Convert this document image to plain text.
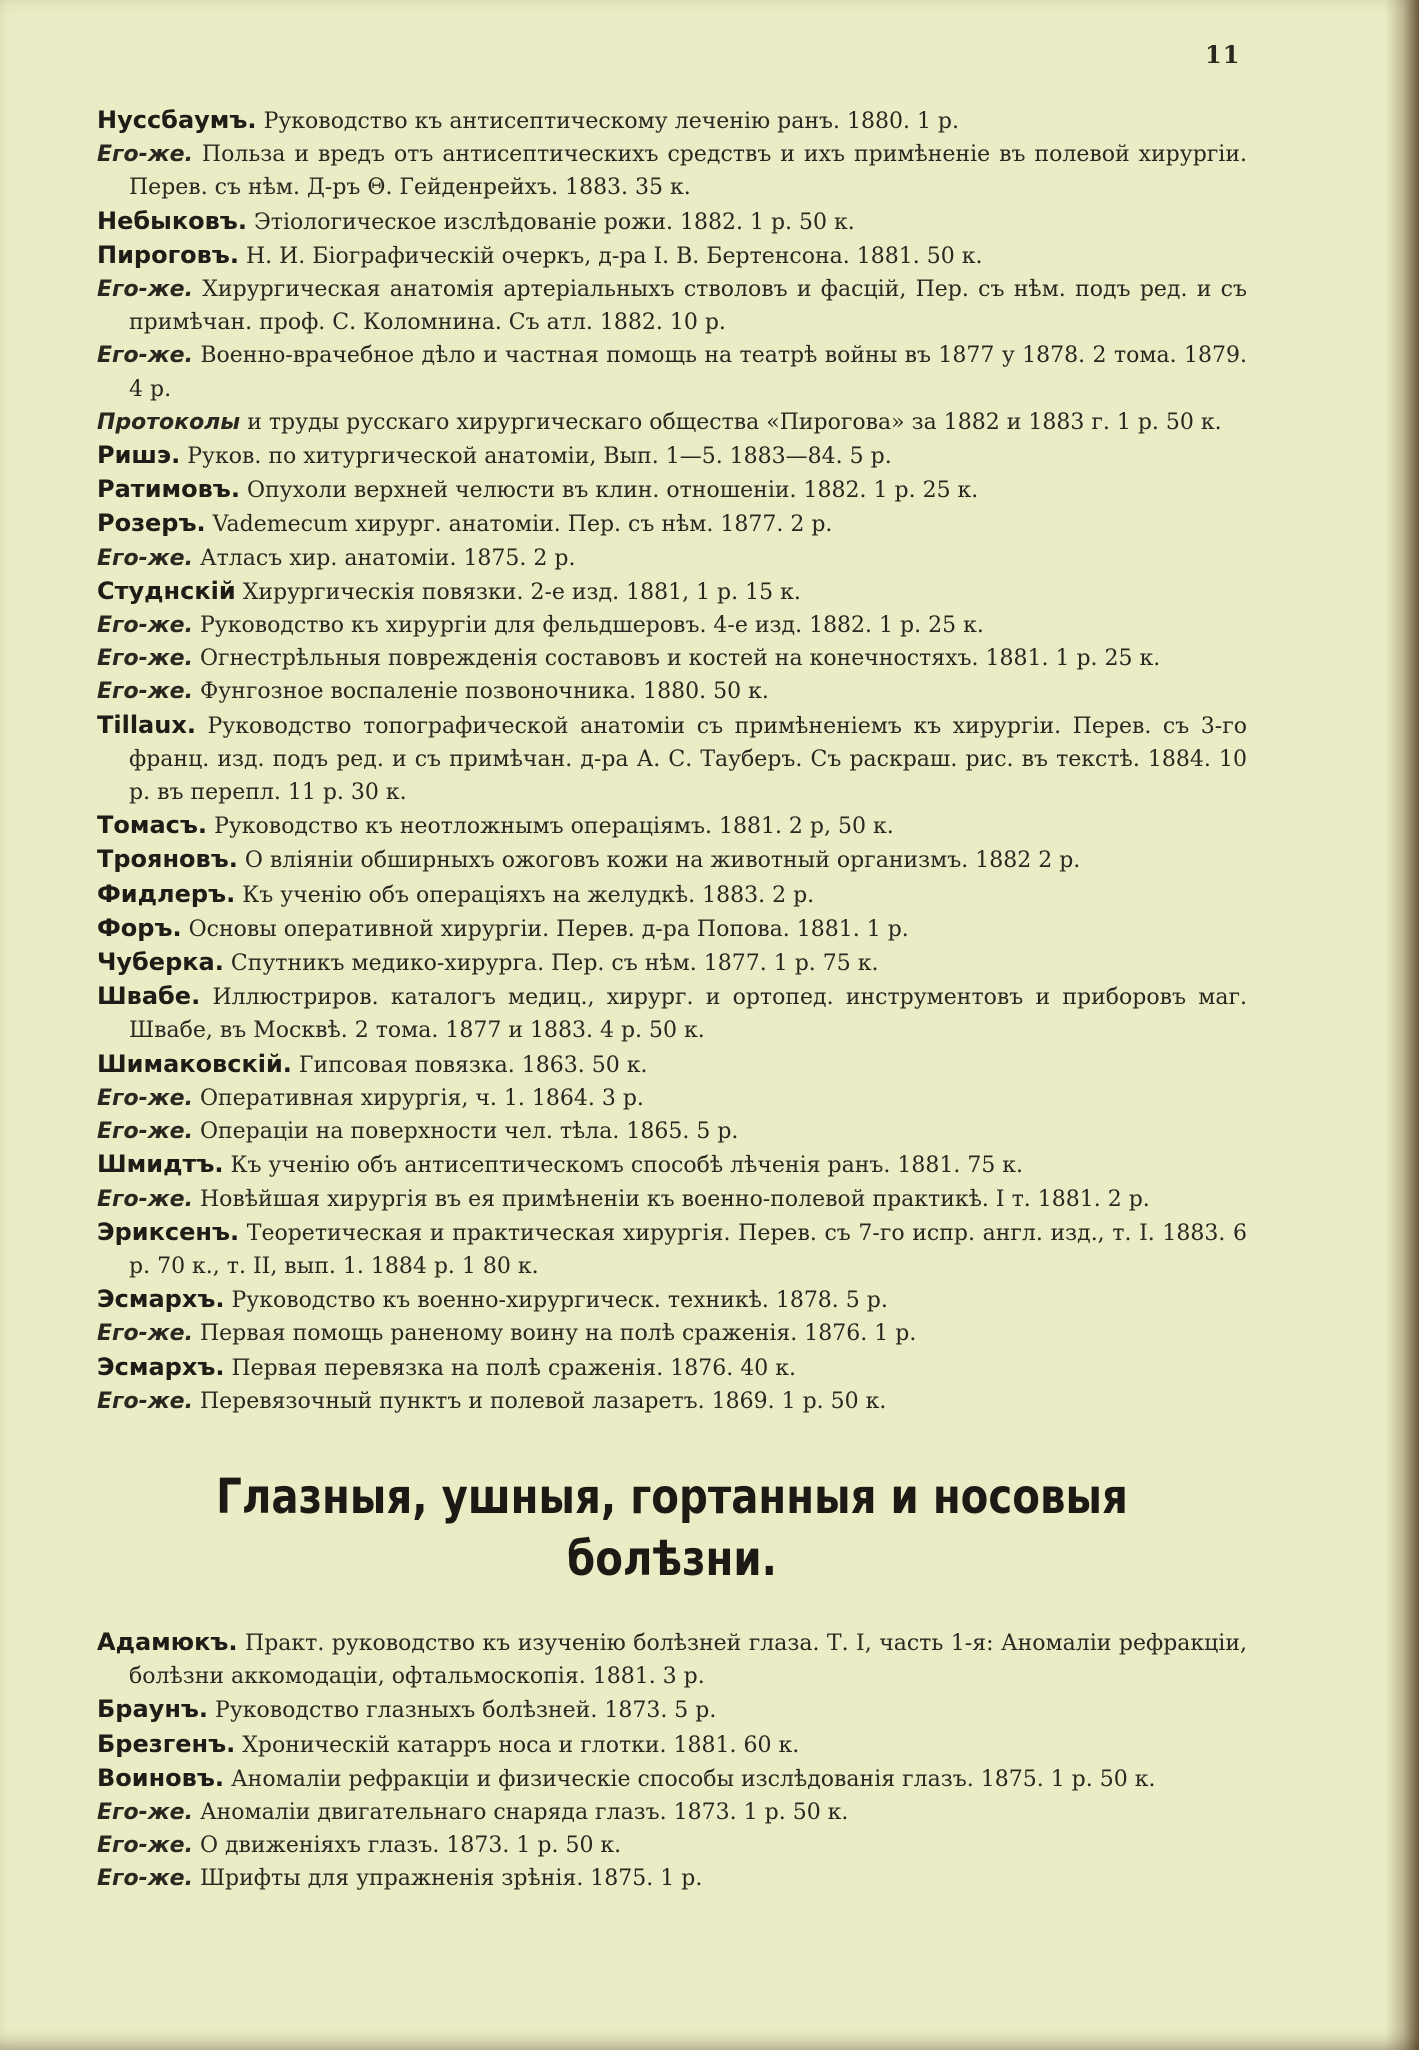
11

Нуссбаумъ. Руководство къ антисептическому леченію ранъ. 1880. 1 р.

Его-же. Польза и вредъ отъ антисептическихъ средствъ и ихъ примѣненіе въ полевой хирургіи. Перев. съ нѣм. Д-ръ Θ. Гейденрейхъ. 1883. 35 к.

Небыковъ. Этіологическое изслѣдованіе рожи. 1882. 1 р. 50 к.

Пироговъ. Н. И. Біографическій очеркъ, д-ра І. В. Бертенсона. 1881. 50 к.

Его-же. Хирургическая анатомія артеріальныхъ стволовъ и фасцій, Пер. съ нѣм. подъ ред. и съ примѣчан. проф. С. Коломнина. Съ атл. 1882. 10 р.

Его-же. Военно-врачебное дѣло и частная помощь на театрѣ войны въ 1877 у 1878. 2 тома. 1879. 4 р.

Протоколы и труды русскаго хирургическаго общества «Пирогова» за 1882 и 1883 г. 1 р. 50 к.

Ришэ. Руков. по хитургической анатоміи, Вып. 1—5. 1883—84. 5 р.

Ратимовъ. Опухоли верхней челюсти въ клин. отношеніи. 1882. 1 р. 25 к.

Розеръ. Vademecum хирург. анатоміи. Пер. съ нѣм. 1877. 2 р.

Его-же. Атласъ хир. анатоміи. 1875. 2 р.

Студнскій Хирургическія повязки. 2-е изд. 1881, 1 р. 15 к.

Его-же. Руководство къ хирургіи для фельдшеровъ. 4-е изд. 1882. 1 р. 25 к.

Его-же. Огнестрѣльныя поврежденія составовъ и костей на конечностяхъ. 1881. 1 р. 25 к.

Его-же. Фунгозное воспаленіе позвоночника. 1880. 50 к.

Tillaux. Руководство топографической анатоміи съ примѣненіемъ къ хирургіи. Перев. съ 3-го франц. изд. подъ ред. и съ примѣчан. д-ра А. С. Тауберъ. Съ раскраш. рис. въ текстѣ. 1884. 10 р. въ перепл. 11 р. 30 к.

Томасъ. Руководство къ неотложнымъ операціямъ. 1881. 2 р, 50 к.

Трояновъ. О вліяніи обширныхъ ожоговъ кожи на животный организмъ. 1882 2 р.

Фидлеръ. Къ ученію объ операціяхъ на желудкѣ. 1883. 2 р.

Форъ. Основы оперативной хирургіи. Перев. д-ра Попова. 1881. 1 р.

Чуберка. Спутникъ медико-хирурга. Пер. съ нѣм. 1877. 1 р. 75 к.

Швабе. Иллюстриров. каталогъ медиц., хирург. и ортопед. инструментовъ и приборовъ маг. Швабе, въ Москвѣ. 2 тома. 1877 и 1883. 4 р. 50 к.

Шимаковскій. Гипсовая повязка. 1863. 50 к.

Его-же. Оперативная хирургія, ч. 1. 1864. 3 р.

Его-же. Операціи на поверхности чел. тѣла. 1865. 5 р.

Шмидтъ. Къ ученію объ антисептическомъ способѣ лѣченія ранъ. 1881. 75 к.

Его-же. Новѣйшая хирургія въ ея примѣненіи къ военно-полевой практикѣ. I т. 1881. 2 р.

Эриксенъ. Теоретическая и практическая хирургія. Перев. съ 7-го испр. англ. изд., т. I. 1883. 6 р. 70 к., т. II, вып. 1. 1884 р. 1 80 к.

Эсмархъ. Руководство къ военно-хирургическ. техникѣ. 1878. 5 р.

Его-же. Первая помощь раненому воину на полѣ сраженія. 1876. 1 р.

Эсмархъ. Первая перевязка на полѣ сраженія. 1876. 40 к.

Его-же. Перевязочный пунктъ и полевой лазаретъ. 1869. 1 р. 50 к.

Глазныя, ушныя, гортанныя и носовыя болѣзни.

Адамюкъ. Практ. руководство къ изученію болѣзней глаза. Т. I, часть 1-я: Аномаліи рефракціи, болѣзни аккомодаціи, офтальмоскопія. 1881. 3 р.

Браунъ. Руководство глазныхъ болѣзней. 1873. 5 р.

Брезгенъ. Хроническій катарръ носа и глотки. 1881. 60 к.

Воиновъ. Аномаліи рефракціи и физическіе способы изслѣдованія глазъ. 1875. 1 р. 50 к.

Его-же. Аномаліи двигательнаго снаряда глазъ. 1873. 1 р. 50 к.

Его-же. О движеніяхъ глазъ. 1873. 1 р. 50 к.

Его-же. Шрифты для упражненія зрѣнія. 1875. 1 р.
